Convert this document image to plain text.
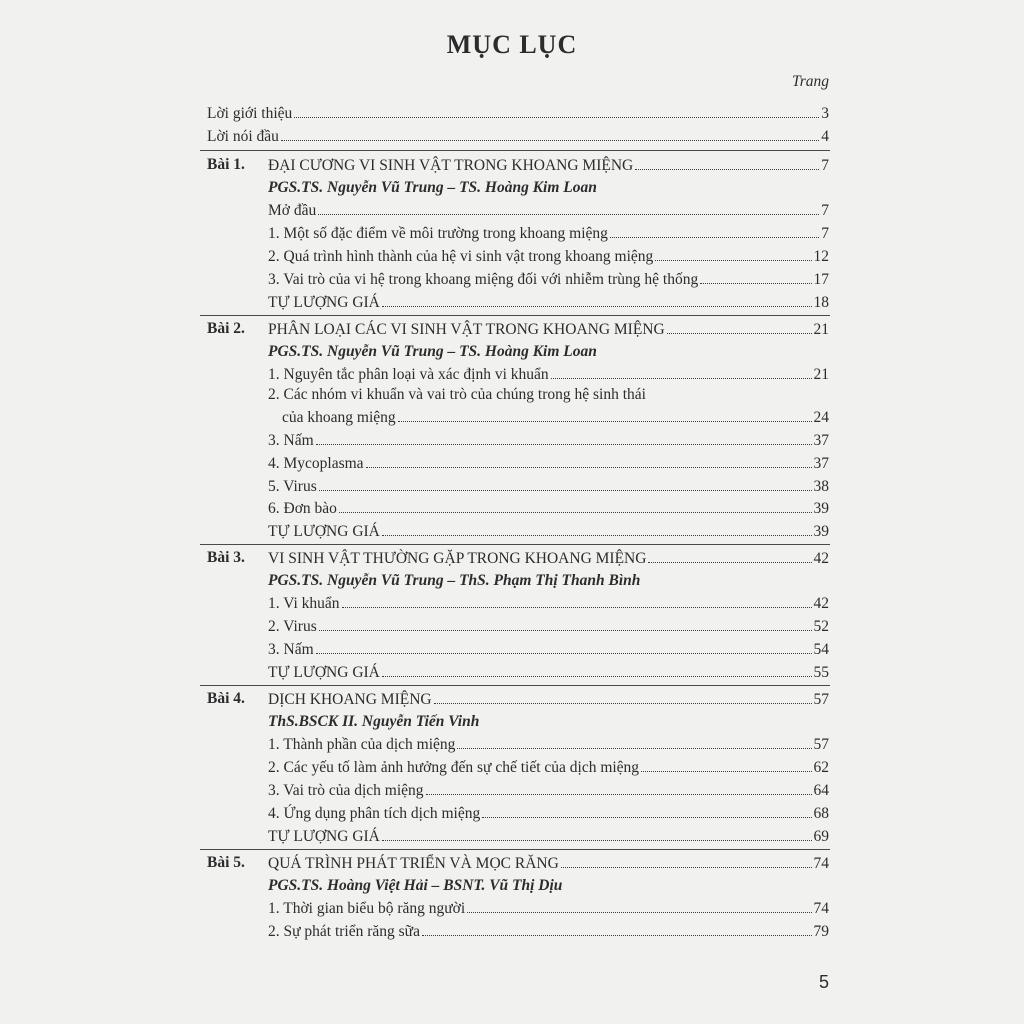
MỤC LỤC
Trang
Lời giới thiệu	3
Lời nói đầu	4
Bài 1. ĐẠI CƯƠNG VI SINH VẬT TRONG KHOANG MIỆNG	7
PGS.TS. Nguyễn Vũ Trung – TS. Hoàng Kim Loan
Mở đầu	7
1. Một số đặc điểm về môi trường trong khoang miệng	7
2. Quá trình hình thành của hệ vi sinh vật trong khoang miệng	12
3. Vai trò của vi hệ trong khoang miệng đối với nhiễm trùng hệ thống	17
TỰ LƯỢNG GIÁ	18
Bài 2. PHÂN LOẠI CÁC VI SINH VẬT TRONG KHOANG MIỆNG	21
PGS.TS. Nguyễn Vũ Trung – TS. Hoàng Kim Loan
1. Nguyên tắc phân loại và xác định vi khuẩn	21
2. Các nhóm vi khuẩn và vai trò của chúng trong hệ sinh thái
của khoang miệng	24
3. Nấm	37
4. Mycoplasma	37
5. Virus	38
6. Đơn bào	39
TỰ LƯỢNG GIÁ	39
Bài 3. VI SINH VẬT THƯỜNG GẶP TRONG KHOANG MIỆNG	42
PGS.TS. Nguyễn Vũ Trung – ThS. Phạm Thị Thanh Bình
1. Vi khuẩn	42
2. Virus	52
3. Nấm	54
TỰ LƯỢNG GIÁ	55
Bài 4. DỊCH KHOANG MIỆNG	57
ThS.BSCK II. Nguyễn Tiến Vinh
1. Thành phần của dịch miệng	57
2. Các yếu tố làm ảnh hưởng đến sự chế tiết của dịch miệng	62
3. Vai trò của dịch miệng	64
4. Ứng dụng phân tích dịch miệng	68
TỰ LƯỢNG GIÁ	69
Bài 5. QUÁ TRÌNH PHÁT TRIỂN VÀ MỌC RĂNG	74
PGS.TS. Hoàng Việt Hải – BSNT. Vũ Thị Dịu
1. Thời gian biểu bộ răng người	74
2. Sự phát triển răng sữa	79
5
